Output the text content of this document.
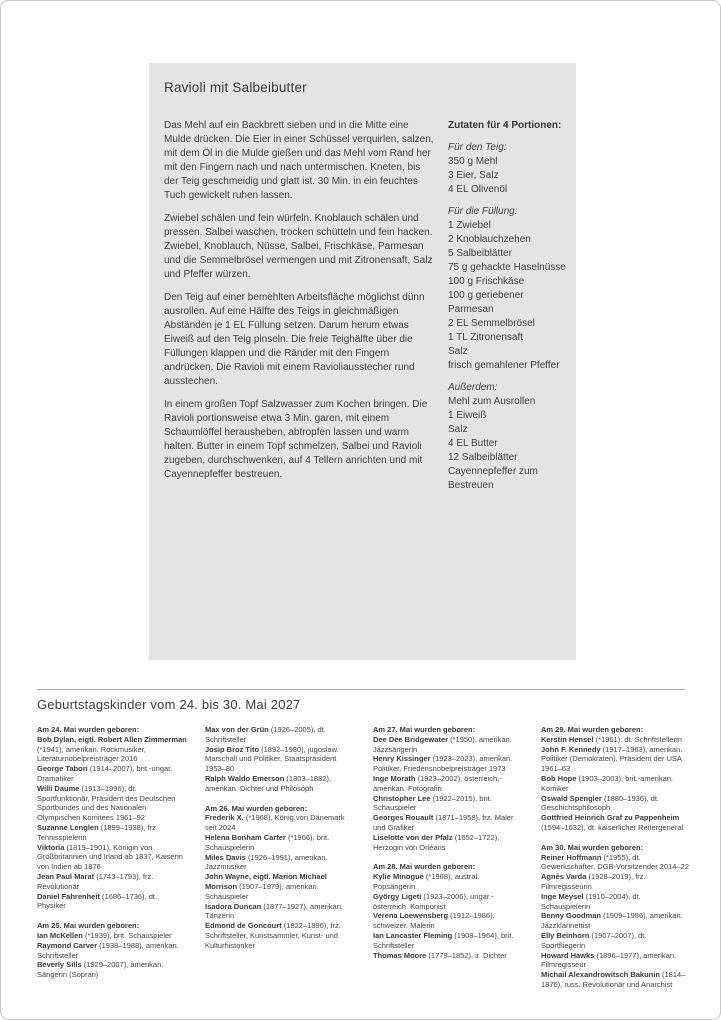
Ravioli mit Salbeibutter

Das Mehl auf ein Backbrett sieben und in die Mitte eine Mulde drücken. Die Eier in einer Schüssel verquirlen, salzen, mit dem Öl in die Mulde gießen und das Mehl vom Rand her mit den Fingern nach und nach untermischen. Kneten, bis der Teig geschmeidig und glatt ist. 30 Min. in ein feuchtes Tuch gewickelt ruhen lassen.

Zwiebel schälen und fein würfeln. Knoblauch schälen und pressen. Salbei waschen, trocken schütteln und fein hacken. Zwiebel, Knoblauch, Nüsse, Salbei, Frischkäse, Parmesan und die Semmelbrösel vermengen und mit Zitronensaft, Salz und Pfeffer würzen.

Den Teig auf einer bemehlten Arbeitsfläche möglichst dünn ausrollen. Auf eine Hälfte des Teigs in gleichmäßigen Abständen je 1 EL Füllung setzen. Darum herum etwas Eiweiß auf den Teig pinseln. Die freie Teighälfte über die Füllungen klappen und die Ränder mit den Fingern andrücken. Die Ravioli mit einem Ravioliausstecher rund ausstechen.

In einem großen Topf Salzwasser zum Kochen bringen. Die Ravioli portionsweise etwa 3 Min. garen, mit einem Schaumlöffel herausheben, abtropfen lassen und warm halten. Butter in einem Topf schmelzen, Salbei und Ravioli zugeben, durchschwenken, auf 4 Tellern anrichten und mit Cayennepfeffer bestreuen.

Zutaten für 4 Portionen:

Für den Teig:

350 g Mehl

3 Eier, Salz

4 EL Olivenöl

Für die Füllung:

1 Zwiebel

2 Knoblauchzehen

5 Salbeiblätter

75 g gehackte Haselnüsse

100 g Frischkäse

100 g geriebener Parmesan

2 EL Semmelbrösel

1 TL Zitronensaft

Salz

frisch gemahlener Pfeffer

Außerdem:

Mehl zum Ausrollen

1 Eiweiß

Salz

4 EL Butter

12 Salbeiblätter

Cayennepfeffer zum Bestreuen

Geburtstagskinder vom 24. bis 30. Mai 2027

Am 24. Mai wurden geboren:

Bob Dylan, eigtl. Robert Allen Zimmerman (*1941), amerikan. Rockmusiker, Literaturnobelpreisträger 2016

George Tabori (1914–2007), brit.-ungar. Dramatiker

Willi Daume (1913–1996), dt. Sportfunktionär, Präsident des Deutschen Sportbundes und des Nationalen Olympischen Komitees 1961–92

Suzanne Lenglen (1899–1938), frz. Tennisspielerin

Viktoria (1819–1901), Königin von Großbritannien und Irland ab 1837, Kaiserin von Indien ab 1876

Jean Paul Marat (1743–1793), frz. Revolutionär

Daniel Fahrenheit (1686–1736), dt. Physiker

Am 25. Mai wurden geboren:

Ian McKellen (*1939), brit. Schauspieler

Raymond Carver (1938–1988), amerikan. Schriftsteller

Beverly Sills (1929–2007), amerikan. Sängerin (Sopran)

Max von der Grün (1926–2005), dt. Schriftsteller

Josip Broz Tito (1892–1980), jugoslaw. Marschall und Politiker, Staatspräsident 1953–80

Ralph Waldo Emerson (1803–1882), amerikan. Dichter und Philosoph

Am 26. Mai wurden geboren:

Frederik X. (*1968), König von Dänemark seit 2024

Helena Bonham Carter (*1966), brit. Schauspielerin

Miles Davis (1926–1991), amerikan. Jazzmusiker

John Wayne, eigtl. Marion Michael Morrison (1907–1979), amerikan. Schauspieler

Isadora Duncan (1877–1927), amerikan. Tänzerin

Edmond de Goncourt (1822–1896), frz. Schriftsteller, Kunstsammler, Kunst- und Kulturhistoriker

Am 27. Mai wurden geboren:

Dee Dee Bridgewater (*1950), amerikan. Jazzsängerin

Henry Kissinger (1923–2023), amerikan. Politiker, Friedensnobelpreisträger 1973

Inge Morath (1923–2002), österreich.-amerikan. Fotografin

Christopher Lee (1922–2015), brit. Schauspieler

Georges Rouault (1871–1958), frz. Maler und Grafiker

Liselotte von der Pfalz (1652–1722), Herzogin von Orléans

Am 28. Mai wurden geboren:

Kylie Minogue (*1968), austral. Popsängerin

György Ligeti (1923–2006), ungar.-österreich. Komponist

Verena Loewensberg (1912–1986), schweizer. Malerin

Ian Lancaster Fleming (1908–1964), brit. Schriftsteller

Thomas Moore (1779–1852), ir. Dichter

Am 29. Mai wurden geboren:

Kerstin Hensel (*1961), dt. Schriftstellerin

John F. Kennedy (1917–1963), amerikan. Politiker (Demokraten), Präsident der USA 1961–63

Bob Hope (1903–2003), brit.-amerikan. Komiker

Oswald Spengler (1880–1936), dt. Geschichtsphilosoph

Gottfried Heinrich Graf zu Pappenheim (1594–1632), dt. kaiserlicher Reitergeneral

Am 30. Mai wurden geboren:

Reiner Hoffmann (*1955), dt. Gewerkschafter, DGB-Vorsitzender 2014–22

Agnès Varda (1928–2019), frz. Filmregisseurin

Inge Meysel (1910–2004), dt. Schauspielerin

Benny Goodman (1909–1986), amerikan. Jazzklarinettist

Elly Beinhorn (1907–2007), dt. Sportfliegerin

Howard Hawks (1896–1977), amerikan. Filmregisseur

Michail Alexandrowitsch Bakunin (1814–1876), russ. Revolutionär und Anarchist
